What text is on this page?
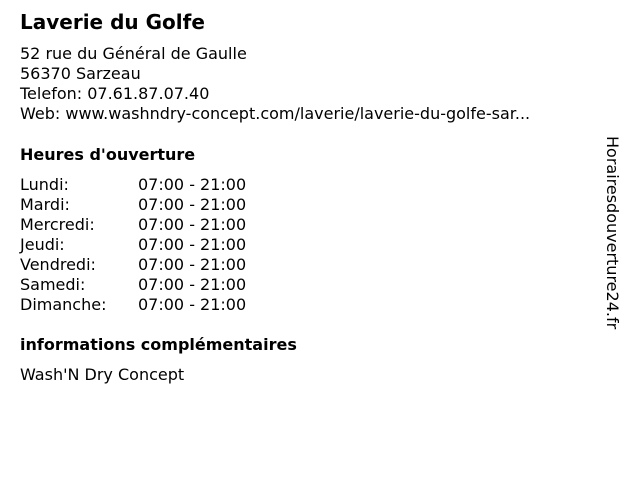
Laverie du Golfe
52 rue du Général de Gaulle
56370 Sarzeau
Telefon: 07.61.87.07.40
Web: www.washndry-concept.com/laverie/laverie-du-golfe-sar...
Heures d'ouverture
Lundi:	07:00 - 21:00
Mardi:	07:00 - 21:00
Mercredi:	07:00 - 21:00
Jeudi:	07:00 - 21:00
Vendredi:	07:00 - 21:00
Samedi:	07:00 - 21:00
Dimanche: 07:00 - 21:00
informations complémentaires
Wash'N Dry Concept
Horairesdouverture24.fr
